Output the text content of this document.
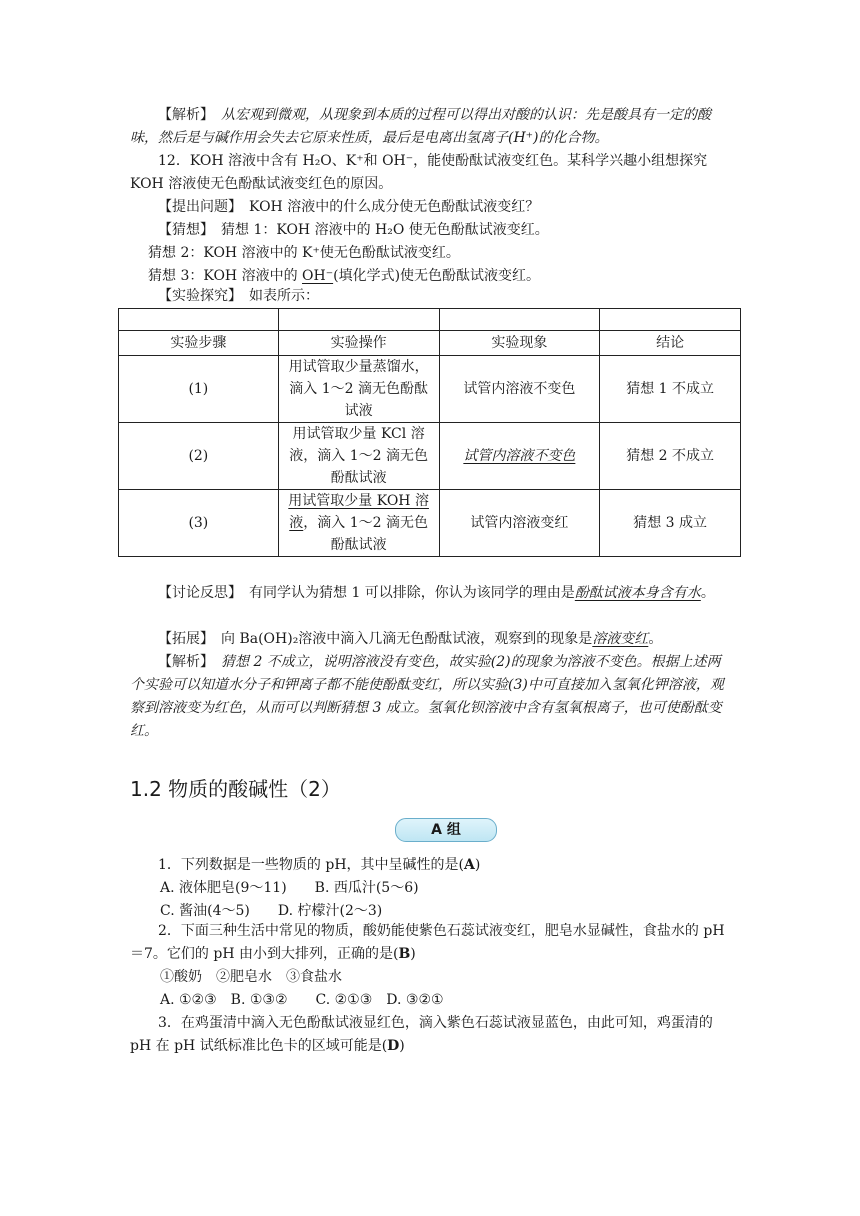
【解析】　 从宏观到微观，从现象到本质的过程可以得出对酸的认识：先是酸具有一定的酸味，然后是与碱作用会失去它原来性质，最后是电离出氢离子(H⁺)的化合物。

12．KOH 溶液中含有 H₂O、K⁺和 OH⁻，能使酚酞试液变红色。某科学兴趣小组想探究 KOH 溶液使无色酚酞试液变红色的原因。

【提出问题】　 KOH 溶液中的什么成分使无色酚酞试液变红？

【猜想】　 猜想 1：KOH 溶液中的 H₂O 使无色酚酞试液变红。

猜想 2：KOH 溶液中的 K⁺使无色酚酞试液变红。

猜想 3：KOH 溶液中的 OH⁻(填化学式)使无色酚酞试液变红。

【实验探究】　 如表所示：

实验步骤	实验操作	实验现象	结论
(1)	用试管取少量蒸馏水，滴入 1～2 滴无色酚酞试液	试管内溶液不变色	猜想 1 不成立
(2)	用试管取少量 KCl 溶液，滴入 1～2 滴无色酚酞试液	试管内溶液不变色	猜想 2 不成立
(3)	用试管取少量 KOH 溶液，滴入 1～2 滴无色酚酞试液	试管内溶液变红	猜想 3 成立

【讨论反思】　 有同学认为猜想 1 可以排除，你认为该同学的理由是酚酞试液本身含有水。

【拓展】　 向 Ba(OH)₂溶液中滴入几滴无色酚酞试液，观察到的现象是溶液变红。

【解析】　 猜想 2 不成立，说明溶液没有变色，故实验(2)的现象为溶液不变色。根据上述两个实验可以知道水分子和钾离子都不能使酚酞变红，所以实验(3)中可直接加入氢氧化钾溶液，观察到溶液变为红色，从而可以判断猜想 3 成立。氢氧化钡溶液中含有氢氧根离子，也可使酚酞变红。

1.2 物质的酸碱性（2）
A 组

1．下列数据是一些物质的 pH，其中呈碱性的是(A)

A. 液体肥皂(9～11)　　B. 西瓜汁(5～6)

C. 酱油(4～5)　　D. 柠檬汁(2～3)

2．下面三种生活中常见的物质，酸奶能使紫色石蕊试液变红，肥皂水显碱性，食盐水的 pH＝7。它们的 pH 由小到大排列，正确的是(B)

①酸奶　②肥皂水　③食盐水

A. ①②③　B. ①③②　　C. ②①③　D. ③②①

3．在鸡蛋清中滴入无色酚酞试液显红色，滴入紫色石蕊试液显蓝色，由此可知，鸡蛋清的 pH 在 pH 试纸标准比色卡的区域可能是(D)
